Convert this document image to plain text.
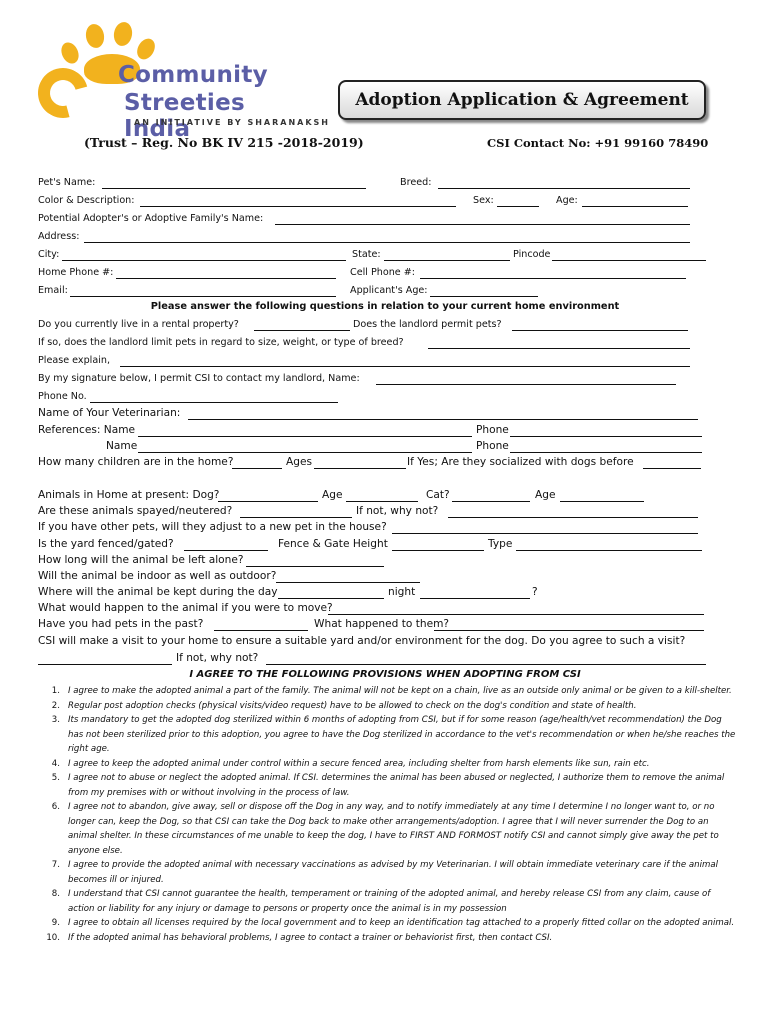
Community
Streeties India
AN INITIATIVE BY SHARANAKSH
Adoption Application & Agreement
(Trust – Reg. No BK IV 215 -2018-2019)	CSI Contact No: +91 99160 78490
Pet's Name:	Breed:
Color & Description:	Sex:	Age:
Potential Adopter's or Adoptive Family's Name:
Address:
City:	State:	Pincode
Home Phone #:	Cell Phone #:
Email:	Applicant's Age:
Please answer the following questions in relation to your current home environment
Do you currently live in a rental property?	Does the landlord permit pets?
If so, does the landlord limit pets in regard to size, weight, or type of breed?
Please explain,
By my signature below, I permit CSI to contact my landlord, Name:
Phone No.
Name of Your Veterinarian:
References: Name	Phone
Name	Phone
How many children are in the home?	Ages	If Yes; Are they socialized with dogs before
Animals in Home at present: Dog?	Age	Cat?	Age
Are these animals spayed/neutered?	If not, why not?
If you have other pets, will they adjust to a new pet in the house?
Is the yard fenced/gated?	Fence & Gate Height	Type
How long will the animal be left alone?
Will the animal be indoor as well as outdoor?
Where will the animal be kept during the day	night	?
What would happen to the animal if you were to move?
Have you had pets in the past?	What happened to them?
CSI will make a visit to your home to ensure a suitable yard and/or environment for the dog. Do you agree to such a visit?
If not, why not?
I AGREE TO THE FOLLOWING PROVISIONS WHEN ADOPTING FROM CSI
1. I agree to make the adopted animal a part of the family. The animal will not be kept on a chain, live as an outside only animal or be given to a kill-shelter.
2. Regular post adoption checks (physical visits/video request) have to be allowed to check on the dog's condition and state of health.
3. Its mandatory to get the adopted dog sterilized within 6 months of adopting from CSI, but if for some reason (age/health/vet recommendation) the Dog has not been sterilized prior to this adoption, you agree to have the Dog sterilized in accordance to the vet's recommendation or when he/she reaches the right age.
4. I agree to keep the adopted animal under control within a secure fenced area, including shelter from harsh elements like sun, rain etc.
5. I agree not to abuse or neglect the adopted animal. If CSI. determines the animal has been abused or neglected, I authorize them to remove the animal from my premises with or without involving in the process of law.
6. I agree not to abandon, give away, sell or dispose off the Dog in any way, and to notify immediately at any time I determine I no longer want to, or no longer can, keep the Dog, so that CSI can take the Dog back to make other arrangements/adoption. I agree that I will never surrender the Dog to an animal shelter. In these circumstances of me unable to keep the dog, I have to FIRST AND FORMOST notify CSI and cannot simply give away the pet to anyone else.
7. I agree to provide the adopted animal with necessary vaccinations as advised by my Veterinarian. I will obtain immediate veterinary care if the animal becomes ill or injured.
8. I understand that CSI cannot guarantee the health, temperament or training of the adopted animal, and hereby release CSI from any claim, cause of action or liability for any injury or damage to persons or property once the animal is in my possession
9. I agree to obtain all licenses required by the local government and to keep an identification tag attached to a properly fitted collar on the adopted animal.
10. If the adopted animal has behavioral problems, I agree to contact a trainer or behaviorist first, then contact CSI.
